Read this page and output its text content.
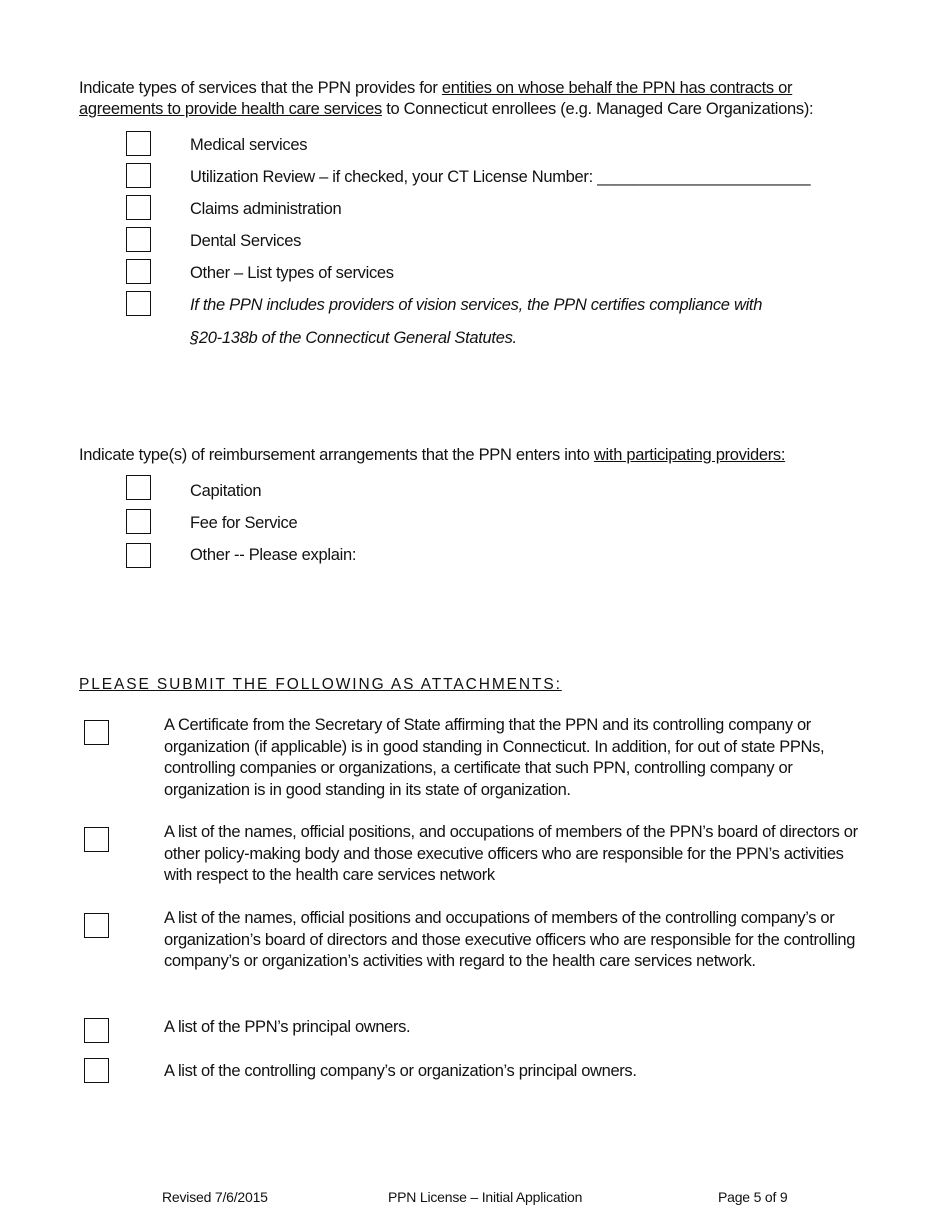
Indicate types of services that the PPN provides for entities on whose behalf the PPN has contracts or agreements to provide health care services to Connecticut enrollees (e.g. Managed Care Organizations):
Medical services
Utilization Review – if checked, your CT License Number: ________________________
Claims administration
Dental Services
Other – List types of services
If the PPN includes providers of vision services, the PPN certifies compliance with
§20-138b of the Connecticut General Statutes.
Indicate type(s) of reimbursement arrangements that the PPN enters into with participating providers:
Capitation
Fee for Service
Other -- Please explain:
PLEASE SUBMIT THE FOLLOWING AS ATTACHMENTS:
A Certificate from the Secretary of State affirming that the PPN and its controlling company or organization (if applicable) is in good standing in Connecticut. In addition, for out of state PPNs, controlling companies or organizations, a certificate that such PPN, controlling company or organization is in good standing in its state of organization.
A list of the names, official positions, and occupations of members of the PPN’s board of directors or other policy-making body and those executive officers who are responsible for the PPN’s activities with respect to the health care services network
A list of the names, official positions and occupations of members of the controlling company’s or organization’s board of directors and those executive officers who are responsible for the controlling company’s or organization’s activities with regard to the health care services network.
A list of the PPN’s principal owners.
A list of the controlling company’s or organization’s principal owners.
Revised 7/6/2015	PPN License – Initial Application	Page 5 of 9
